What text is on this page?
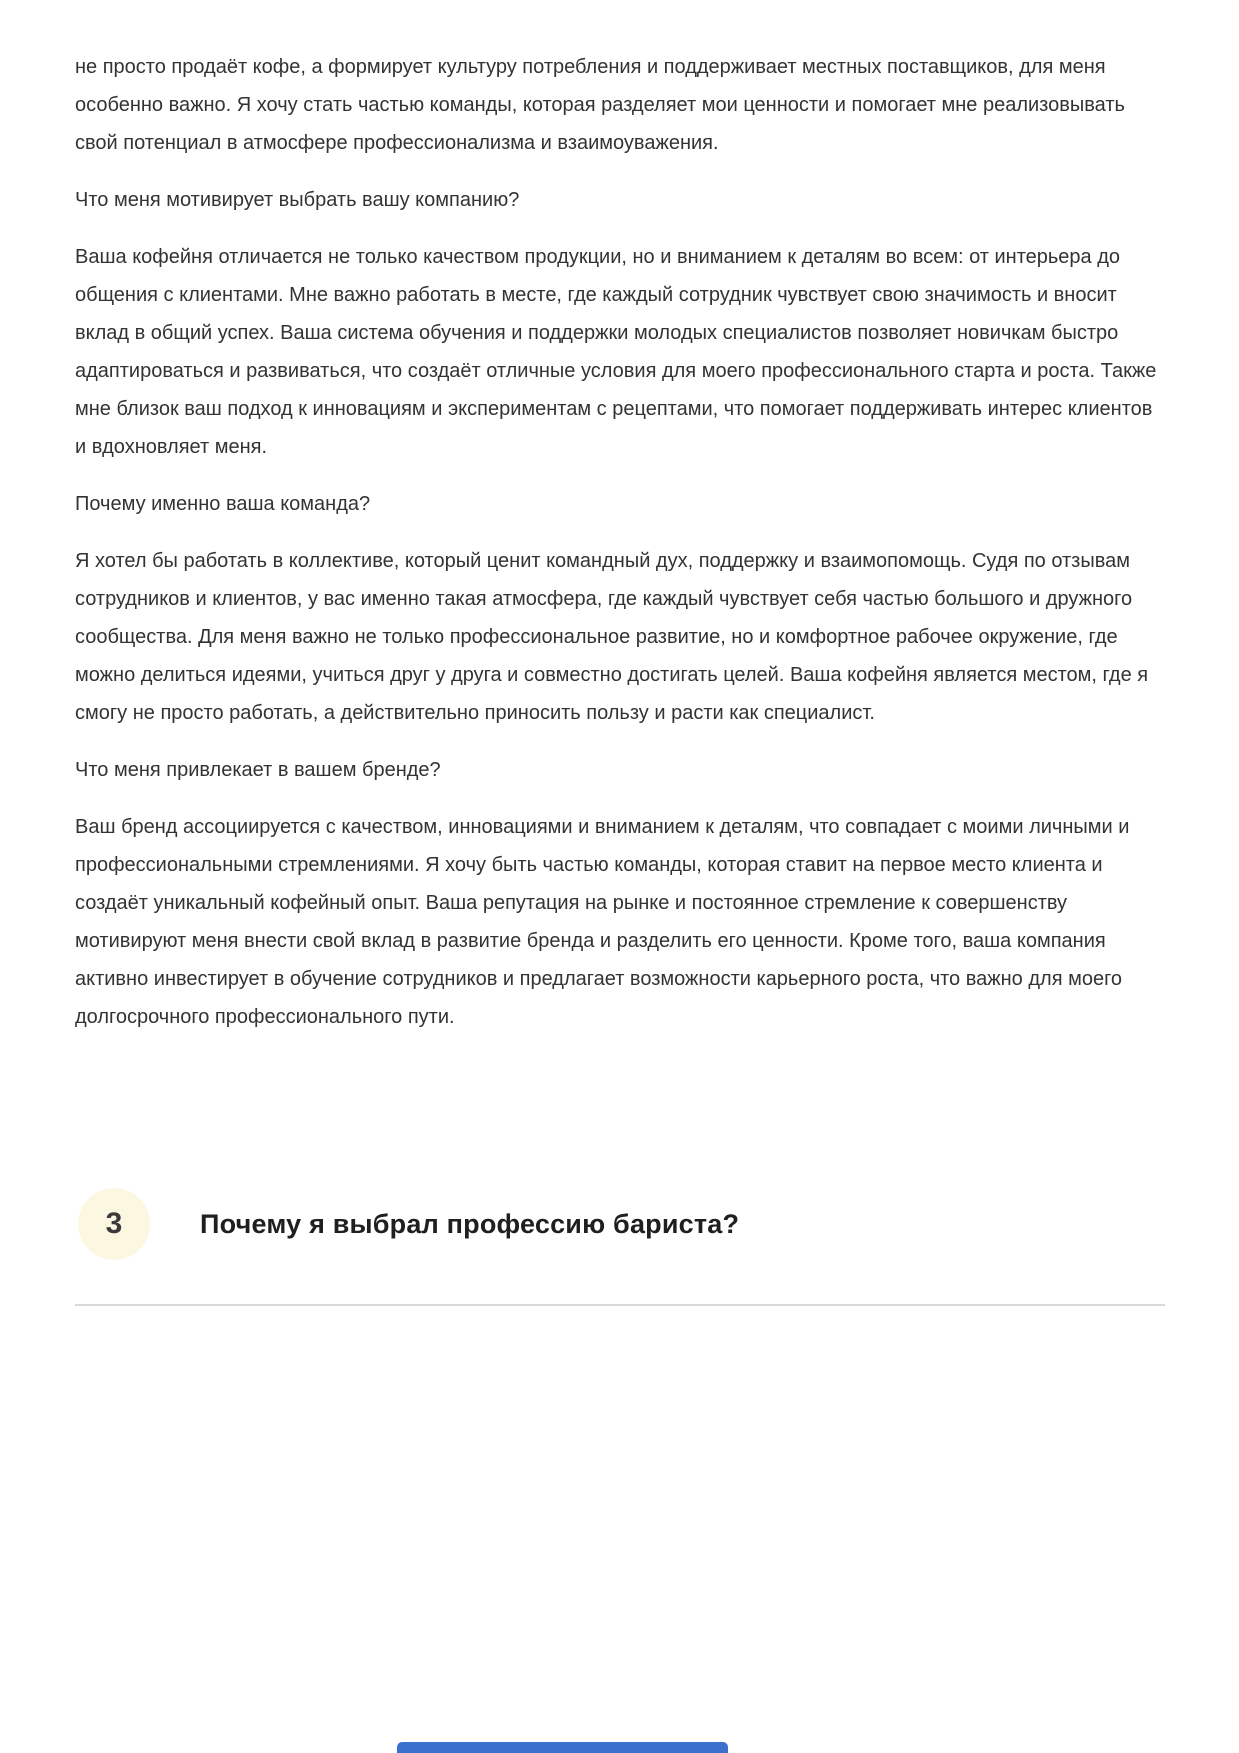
не просто продаёт кофе, а формирует культуру потребления и поддерживает местных поставщиков, для меня особенно важно. Я хочу стать частью команды, которая разделяет мои ценности и помогает мне реализовывать свой потенциал в атмосфере профессионализма и взаимоуважения.

Что меня мотивирует выбрать вашу компанию?

Ваша кофейня отличается не только качеством продукции, но и вниманием к деталям во всем: от интерьера до общения с клиентами. Мне важно работать в месте, где каждый сотрудник чувствует свою значимость и вносит вклад в общий успех. Ваша система обучения и поддержки молодых специалистов позволяет новичкам быстро адаптироваться и развиваться, что создаёт отличные условия для моего профессионального старта и роста. Также мне близок ваш подход к инновациям и экспериментам с рецептами, что помогает поддерживать интерес клиентов и вдохновляет меня.

Почему именно ваша команда?

Я хотел бы работать в коллективе, который ценит командный дух, поддержку и взаимопомощь. Судя по отзывам сотрудников и клиентов, у вас именно такая атмосфера, где каждый чувствует себя частью большого и дружного сообщества. Для меня важно не только профессиональное развитие, но и комфортное рабочее окружение, где можно делиться идеями, учиться друг у друга и совместно достигать целей. Ваша кофейня является местом, где я смогу не просто работать, а действительно приносить пользу и расти как специалист.

Что меня привлекает в вашем бренде?

Ваш бренд ассоциируется с качеством, инновациями и вниманием к деталям, что совпадает с моими личными и профессиональными стремлениями. Я хочу быть частью команды, которая ставит на первое место клиента и создаёт уникальный кофейный опыт. Ваша репутация на рынке и постоянное стремление к совершенству мотивируют меня внести свой вклад в развитие бренда и разделить его ценности. Кроме того, ваша компания активно инвестирует в обучение сотрудников и предлагает возможности карьерного роста, что важно для моего долгосрочного профессионального пути.

3	Почему я выбрал профессию бариста?
